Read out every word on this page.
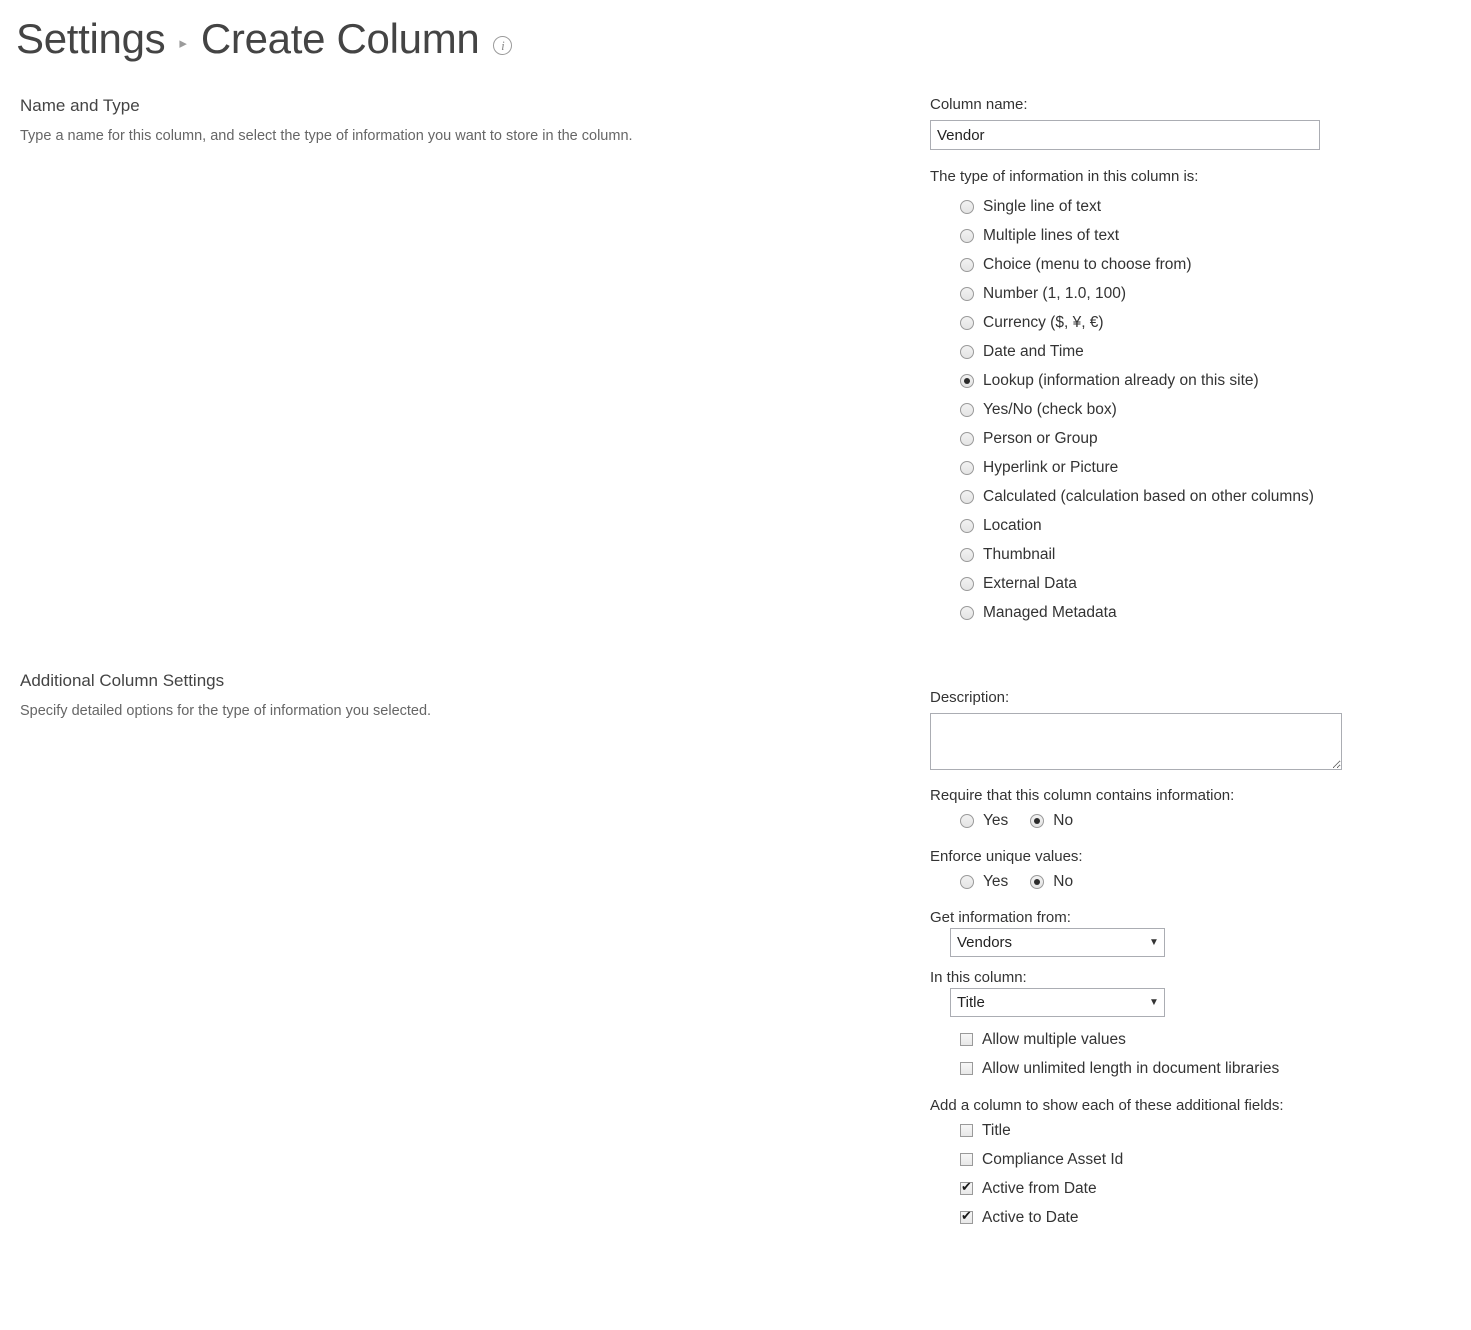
Settings ▸ Create Column	i
Name and Type
Type a name for this column, and select the type of information you want to store in the column.
Column name:
Vendor
The type of information in this column is:
Single line of text
Multiple lines of text
Choice (menu to choose from)
Number (1, 1.0, 100)
Currency ($, ¥, €)
Date and Time
Lookup (information already on this site)
Yes/No (check box)
Person or Group
Hyperlink or Picture
Calculated (calculation based on other columns)
Location
Thumbnail
External Data
Managed Metadata
Additional Column Settings
Specify detailed options for the type of information you selected.
Description:
Require that this column contains information:
Yes	No
Enforce unique values:
Yes	No
Get information from:
Vendors	▼
In this column:
Title	▼
Allow multiple values
Allow unlimited length in document libraries
Add a column to show each of these additional fields:
Title
Compliance Asset Id
✔
Active from Date
✔
Active to Date
